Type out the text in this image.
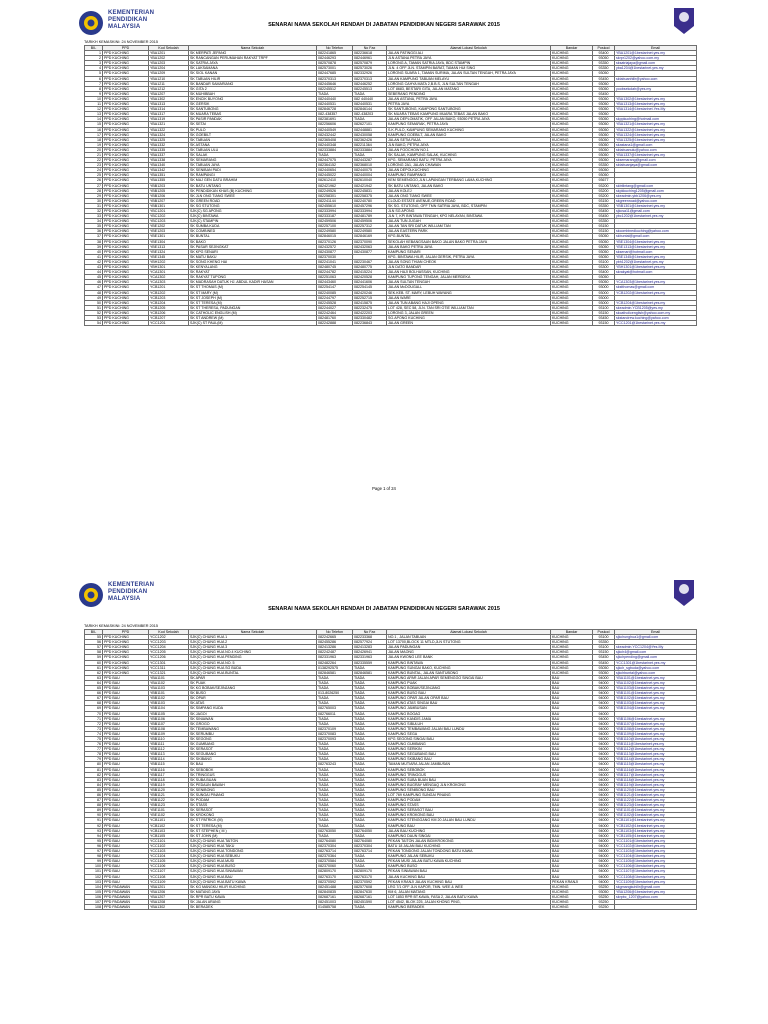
KEMENTERIAN
PENDIDIKAN
MALAYSIA	SENARAI NAMA SEKOLAH RENDAH DI JABATAN PENDIDIKAN NEGERI SARAWAK 2015
TARIKH KEMASKINI: 24 NOVEMBER 2015
BIL	PPD	Kod Sekolah	Nama Sekolah	No Telefon	No Fax	Alamat Lokasi Sekolah	Bandar	Poskod	Email
1	PPD KUCHING	YBA1201	SK MERPATI JEPANG	082241865	082236618	JALAN PATINGGI ALI	KUCHING	93400	YBA1201@1bestarinet.yes.my
2	PPD KUCHING	YBA1202	SK RANCANGAN PERUMAHAN RAKYAT TRPF	082446293	082446961	JLN ASTANA PETRA JAYA	KUCHING	93050	skrpr1202@yahoo.com.my
3	PPD KUCHING	YBA1203	SK SATRIA JAYA	082570878	082570879	LORONG A, TAMAN SATRIA JAYA, BDC STAMPIN	KUCHING	93350	sksatriajaya@gmail.com
4	PPD KUCHING	YBA1204	SK LAKSAMANA	082573001	082573026	JLN. 4 OFF JLN. STAMPIN BARAT, TAMAN HUI SING	KUCHING	93350	yba1204@1bestarinet.yes.my
5	PPD KUCHING	YBA1209	SK SIOL KANAN	082447685	082332926	LORONG SUARA 1, TAMAN SURIMA, JALAN SULTAN TENGAH, PETRA JAYA	KUCHING	93050	
6	PPD KUCHING	YBA1210	SK TABUAN HILIR	082370313	082370313	JALAN KAMPUNG TABUAN MELAYU	KUCHING	93450	sktabuanhilir@yahoo.com
7	PPD KUCHING	YBA1211	SK BANDAR SAMARIANG	082445646	082446252	LORONG CAHYA MATA 2,B.B.S, JLN SULTAN TENGAH	KUCHING	93050	
8	PPD KUCHING	YBA1212	SK GITA 2	082245512	082245513	LOT 8683, BESTARI GITA, JALAN MATANG	KUCHING	93050	yoobsekolah@yes.my
9	PPD KUCHING	YBA1207	SK MUHIBBAH	TIADA	TIADA	SEBERANG PENDING	KUCHING	93450	
10	PPD KUCHING	YBA1302	SK ENCIK BUYONG	082440440	082 440440	JALAN ASTANA, PETRA JAYA	KUCHING	93050	YBA1302@1bestarinet.yes.my
11	PPD KUCHING	YBA1313	SK GERSIK	082440531	082440531	PETRA JAYA	KUCHING	93050	YBA1313@1bestarinet.yes.my
12	PPD KUCHING	YBA1314	SK SANTUBONG	082846728	082846144	SK SANTUBONG, KAMPONG SANTUBONG	KUCHING	93050	YBA1314@1bestarinet.Yes.My
13	PPD KUCHING	YBA1317	SK MUARA TEBAS	082-438357	082-438203	SK MUARA TEBAS KAMPUNG MUARA TEBAS JALAN BAKO	KUCHING	93050	
14	PPD KUCHING	YBA1319	SK PASIR PANDAK	082381691	TIADA	JALAN DEPLOMATIK, OFF JALAN BAKO, 93050 PETRA JAYA	KUCHING	93050	skppkuching@hotmail.com
15	PPD KUCHING	YBA1321	SK SETAI	082256606	082627101	KAMPUNG SEMARAK, PETRA JAYA	KUCHING	93050	YBA1321@1bestarinet.yes.my
16	PPD KUCHING	YBA1322	SK PULO	082440549	082448881	S.K.PULO, KAMPUNG SEMARANG KUCHING	KUCHING	93050	YBA1322@1bestarinet.yes.my
17	PPD KUCHING	YBA1324	SK GOEBILT	082432442	082430058	KAMPUNG GOEBILT, JALAN BAKO	KUCHING	93050	YBA1324@1bestarinet.yes.my
18	PPD KUCHING	YBA1325	SK TABUAN	082365408	082362426	JALAN SETIA RAJA	KUCHING	93050	YBA1325@1bestarinet.yes.my
19	PPD KUCHING	YBA1332	SK ASTANA	082440348	082211364	JLN BAKO, PETRA JAYA	KUCHING	93050	skastana1@gmail.com
20	PPD KUCHING	YBA1335	SK TABUAN ULU	082333884	082333884	JALAN FOOCHOW NO.1	KUCHING	93050	sktabuanulu@yahoo.com
21	PPD KUCHING	YBA1337	SK SALAK	TIADA	TIADA	SK SALAK, KAMPUNG SALAK, KUCHING	KUCHING	93050	YBA1337@1bestarinet.yes.my
22	PPD KUCHING	YBA1338	SK SEMARANG	082447075	082443287	KPG. SEMARANG BATU, PETRA JAYA	KUCHING	93050	sksemarang@gmail.com
23	PPD KUCHING	YBA1340	SK TABUAN JAYA	082364152	082368010	LORONG 2A1, JALAN CHAWAN	KUCHING	93350	sktabuanjaya@gmail.com
24	PPD KUCHING	YBA1342	SK SENIBAN PADI	082440654	082440075	JALAN DEPOLKUCHING	KUCHING	93050	
25	PPD KUCHING	YBA1351	SK RAMPANGI	082445022	082440004	KAMPUNG RAMPANGI	KUCHING	93050	
26	PPD KUCHING	YBA1355	SK MAJ GEN DATU BRAHIM	082612410	082610040	KEM SEMENGGO,JLN LAPANGAN TERBANG LAMA,KUCHING	KUCHING	93677	
27	PPD KUCHING	YBB1203	SK BATU UNTANG	082421962	082421942	SK BATU UNTANG, JALAN BAKO	KUCHING	93200	skbtlintang@gmail.com
28	PPD KUCHING	YBB1205	SK PENDIDIKAN KHAS (B) KUCHING	082249526	082245831	JALAN KOLEJ	KUCHING	93200	skpkkuching1205@gmail.com
29	PPD KUCHING	YBB1206	SK JLN ONG TIANG SWEE	082258301	082258375	JALAN ONG TIANG SWEE	KUCHING	93200	skeadmin.ybb1206@yes.my
30	PPD KUCHING	YBB1207	SK GREEN ROAD	082241144	082240780	CLOUD ESTATE AVENUE,GREEN ROAD	KUCHING	93150	skgreenroad@yahoo.com
31	PPD KUCHING	YBB1301	SK SG STUTONG	082455610	082457296	SK SG. STUTONG, OFF TMN SATRIA JAYA, BDC, STAMPIN	KUCHING	93350	YBB1301@1bestarinet.yes.my
32	PPD KUCHING	YBC1201	SJK(C) SG APONG	082333994	082333994	JLN SG APONG	KUCHING	93450	sjkcsa11@gmail.com
33	PPD KUCHING	YBC1202	SJK(C) BINTAWA	082333187	082481789	JLN 7, KPI BINTAWA TENGAH, KPG NELAYAN, BINTAWA	KUCHING	93450	ybc1202@1bestarinet.yes.my
34	PPD KUCHING	YBC1203	SJK(C) STAMPIN	082459506	082459506	JALAN TUN JUGAH	KUCHING	93350	
35	PPD KUCHING	YBE1202	SK SUMBA KUDA	082257100	082257312	JALAN TAN SRI DATUK WILLIAM TAN	KUCHING	93150	
36	PPD KUCHING	YBE1203	SK COMBINED	082249580	082249580	JALAN EASTERN PARK	KUCHING	93150	skcombinedkuching@yahoo.com
37	PPD KUCHING	YBE1301	SK BUNTAL	082846015	082846169	KPG.BUNTAL	KUCHING	93050	skbuntal@gmail.com
38	PPD KUCHING	YBE1304	SK BAKO	082370126	082370090	SEKOLAH KEBANGSAAN BAKO JALAN BAKO PETRA JAYA	KUCHING	93050	YBE1304@1bestarinet.yes.my
39	PPD KUCHING	YBE1313	SK PASAR SEJINGKAT	082432572	082432063	JALAN BAKO PETRA JAYA	KUCHING	93050	YBE1313@1bestarinet.yes.my
40	PPD KUCHING	YBE1324	SK KPG SENARI	082430877	082430877	KAMPUNG SENARI	KUCHING	93050	sksenari@hotmail.com
41	PPD KUCHING	YBE1345	SK MATU BAKU	082370030		KPG. BINTAWA HILIR, JALAN GERSIK, PETRA JAYA	KUCHING	93050	YBE1345@1bestarinet.yes.my
42	PPD KUCHING	YBH1202	SK SONG KHENG HAI	082241041	082230467	JALAN SONG THIAN CHEOK	KUCHING	93100	ybh1202@1bestarinet.yes.my
43	PPD KUCHING	YBH1301	SK KENYALANG	082480745	082480775	JLN DATO BANDAR	KUCHING	93300	YBH1301@1bestarinet.yes.my
44	PPD KUCHING	YCA1301	SK RAKYAT	082244782	082415224	JALAN HAJI BOLHASSAN, KUCHING	KUCHING	93400	skrakyat@hotmail.com
45	PPD KUCHING	YCA1302	SK RAKYAT TUPONG	082251063	082420528	KAMPUNG TUPONG TENGAH, JALAN MERDEKA	KUCHING	93050	
46	PPD KUCHING	YCA1303	SK MADRASAH DATUK HJ. ABDUL KADIR HASAN	082443460	082441606	JALAN SULTAN TENGAH	KUCHING	93050	YCA1303@1bestarinet.yes.my
47	PPD KUCHING	YCB1201	SK ST THOMAS (M)	082254147	082254145	JALAN McDOUGALL	KUCHING	93000	skstthomas@gmail.com
48	PPD KUCHING	YCB1202	SK ST MARY (M)	082240085	082420246	SEK.KEB. ST. MARY, LEBUH WAYANG	KUCHING	93000	YCB1202@1bestarinet.yes.my
49	PPD KUCHING	YCB1203	SK ST JOSEPH (M)	082244797	082252715	JALAN WARE	KUCHING	93000	
50	PPD KUCHING	YCB1204	SK ST TERESA (M)	082245528	082415875	JALAN TUN ABANG HAJI OPENG	KUCHING	93000	YCB1204@1bestarinet.yes.my
51	PPD KUCHING	YCB1205	SK ST THERESA, PADUNGAN	082244027	082232475	LOT 428, SEC 58, JLN. TAN SRI OTIE WILLIAM TAN	KUCHING	93100	skeadmin.YCB1205@yes.my
52	PPD KUCHING	YCB1206	SK CATHOLIC ENGLISH (M)	082242464	082422203	LORONG 3, JALAN GREEN	KUCHING	93150	skcatholicenglish@yahoo.com.my
53	PPD KUCHING	YCB1207	SK ST ANDREW (M)	082481760	082330482	SG.APONG KUCHING	KUCHING	93450	skstandrew.kuching@yahoo.com
54	PPD KUCHING	YCC1201	SJK(C) ST PAUL(M)	082242888	082236843	JALAN GREEN	KUCHING	93150	YCC1201@1bestarinet.yes.my
Page 1 of 24
KEMENTERIAN
PENDIDIKAN
MALAYSIA
SENARAI NAMA SEKOLAH RENDAH DI JABATAN PENDIDIKAN NEGERI SARAWAK 2015
TARIKH KEMASKINI: 24 NOVEMBER 2015
BIL	PPD	Kod Sekolah	Nama Sekolah	No Telefon	No Fax	Alamat Lokasi Sekolah	Bandar	Poskod	Email
55	PPD KUCHING	YCC1202	SJK(C) CHUNG HUA 1	082242665	082233368	NO.1 , JALAN TABUAN	KUCHING	93100	sjkchunghua1@gmail.com
56	PPD KUCHING	YCC1203	SJK(C) CHUNG HUA 2	082455286	082577924	LOT 13700,BLOCK 11 MTLD,JLN STUTONG	KUCHING	93350	
57	PPD KUCHING	YCC1204	SJK(C) CHUNG HUA 3	082413286	082413283	JALAN PADUNGAN	KUCHING	93100	skeadmin.YCC1204@Yes.My
58	PPD KUCHING	YCC1205	SJK(C) CHUNG HUA NO.4 KUCHING	082242487	082426941	JALAN MAONG	KUCHING	93150	sjkch4@gmail.com
59	PPD KUCHING	YCC1206	SJK(C) CHUNG HUA PENDING	082331963	082331963	JALAN KWONG LEE BANK	KUCHING	93450	sjkchpending@gmail.com
60	PPD KUCHING	YCC1301	SJK(C) CHUNG HUA NO. 5	082482264	082335559	KAMPUNG BINTAWA	KUCHING	93450	YCC1301@1bestarinet.yes.my
61	PPD KUCHING	YCC1311	SJK(C) CHUNG HUA SG BUDA	0138292575	TIADA	KAMPUNG SUNGAI BAKO, KUCHING	KUCHING	93050	sjkch_sgbuda@yahoo.com
62	PPD KUCHING	YCC1321	SJK(C) CHUNG HUA BUNTAL	082846581	082846581	KAMPUNG BUNTAL, JALAN SANTUBONG	KUCHING	93050	sjkchbuntal@yahoo.com
63	PPD BAU	YBA1101	SK APAR	TIADA	TIADA	KAMPUNG APAR JALAN APAR SEMENGGO SINGAI BAU	BAU	94000	YBA1101@1bestarinet.yes.my
64	PPD BAU	YBA1102	SK PUAK	TIADA	TIADA	KAMPUNG PUAK	BAU	94000	YBA1102@1bestarinet.yes.my
65	PPD BAU	YBA1103	SK KG BOBAK/SEJINJANG	TIADA	TIADA	KAMPUNG BOBAK/SEJINJANG	BAU	94000	YBA1103@1bestarinet.yes.my
66	PPD BAU	YBB1101	SK BUSO	013-8026250	TIADA	KAMPUNG BUSO BAU	BAU	94000	YBB1101@1bestarinet.yes.my
67	PPD BAU	YBB1102	SK OPAR	TIADA	TIADA	KAMPUNG OPAR JALAN OPAR BAU	BAU	94000	YBB1102@1bestarinet.yes.my
68	PPD BAU	YBB1103	SK ATAS	TIADA	TIADA	KAMPUNG ATAS SINGAI BAU	BAU	94000	YBB1103@1bestarinet.yes.my
69	PPD BAU	YBB1104	SK SIMPANG KUDA	082765003	TIADA	KAMPUNG JAMBUSAN	BAU	94000	YBB1104@1bestarinet.yes.my
70	PPD BAU	YBB1105	SK JAGOI	082766011	TIADA	KAMPUNG BOGAG	BAU	94000	
71	PPD BAU	YBB1106	SK SINIAWAN	TIADA	TIADA	KAMPUNG KANDIS JAMA	BAU	94000	YBB1106@1bestarinet.yes.my
72	PPD BAU	YBB1107	SK GROGO	TIADA	TIADA	KAMPUNG SIBULUH	BAU	94000	YBB1107@1bestarinet.yes.my
73	PPD BAU	YBB1108	SK TEMBAWANG	082370109	TIADA	KAMPUNG TEMBAWANG JALAN BAU LUNDU	BAU	94000	YBB1108@1bestarinet.yes.my
74	PPD BAU	YBB1109	SK SERUMBU	082370083	TIADA	KAMPUNG SEGA	BAU	94000	YBB1109@1bestarinet.yes.my
75	PPD BAU	YBB1110	SK SEGONG	082370093	TIADA	KPG SEGONG SINGAI BAU	BAU	94000	YBB1110@1bestarinet.yes.my
76	PPD BAU	YBB1111	SK GUMBANG	TIADA	TIADA	KAMPUNG GUMBANG	BAU	94000	YBB1111@1bestarinet.yes.my
77	PPD BAU	YBB1112	SK SERASOT	TIADA	TIADA	KAMPUNG SERIKIN	BAU	94000	YBB1112@1bestarinet.yes.my
78	PPD BAU	YBB1113	SK SEGUBANG	TIADA	TIADA	KAMPUNG SEGUBANG BAU	BAU	94000	YBB1113@1bestarinet.yes.my
79	PPD BAU	YBB1114	SK SKIBANG	TIADA	TIADA	KAMPUNG SKIBANG BAU	BAU	94000	YBB1114@1bestarinet.yes.my
80	PPD BAU	YBB1115	SK BAU	082763243	TIADA	TAMAN MUTIARA JALAN JAMBUSAN	BAU	94000	YBB1115@1bestarinet.yes.my
81	PPD BAU	YBB1116	SK SEBOBOK	TIADA	TIADA	KAMPUNG SEBOBOK	BAU	94000	YBB1116@1bestarinet.yes.my
82	PPD BAU	YBB1117	SK TRINGGUS	TIADA	TIADA	KAMPUNG TRINGGUS	BAU	94000	YBB1117@1bestarinet.yes.my
83	PPD BAU	YBB1118	SK SUBA BUAN	TIADA	TIADA	KAMPUNG SUBA BUAN BAU	BAU	94000	YBB1118@1bestarinet.yes.my
84	PPD BAU	YBB1119	SK PEDAUN BAWAH	TIADA	TIADA	KAMPUNG BUGRAY MENGAQ JLN KROKONG	BAU	94000	YBB1119@1bestarinet.yes.my
85	PPD BAU	YBB1120	SK SENIBONG	TIADA	TIADA	KAMPUNG SENIBONG BAU	BAU	94000	YBB1120@1bestarinet.yes.my
86	PPD BAU	YBB1121	SK SUNGAI PINANG	TIADA	TIADA	LOT 769 KAMPUNG SUNGAI PINANG	BAU	94000	YBB1121@1bestarinet.yes.my
87	PPD BAU	YBB1122	SK PODAM	TIADA	TIADA	KAMPUNG PODAM	BAU	94000	YBB1122@1bestarinet.yes.my
88	PPD BAU	YBB1123	SK STASS	TIADA	TIADA	KAMPUNG STASS	BAU	94000	YBB1123@1bestarinet.yes.my
89	PPD BAU	YBE1101	SK SERASOT	TIADA	TIADA	KAMPUNG SERASOT BAU	BAU	94000	YBE1101@1bestarinet.yes.my
90	PPD BAU	YBE1102	SK KROKONG	TIADA	TIADA	KAMPUNG KROKONG BAU	BAU	94000	YBE1102@1bestarinet.yes.my
91	PPD BAU	YCB1101	SK ST PATRICK (M)	TIADA	TIADA	KAMPUNG STENGGANG KM 20 JALAN BAU LUNDU	BAU	94000	YCB1101@1bestarinet.yes.my
92	PPD BAU	YCB1102	SK ST TERESA (M)	TIADA	TIADA	KAMPUNG BAU	BAU	94000	YCB1102@1bestarinet.yes.my
93	PPD BAU	YCB1103	SK ST STEPHEN ( M )	082763050	082764050	JALAN BAU KUCHING	BAU	94000	YCB1103@1bestarinet.yes.my
94	PPD BAU	YCB1105	SK ST JOHN (M)	TIADA	TIADA	KAMPUNG DAUN SINGAI	BAU	94000	YCB1105@1bestarinet.yes.my
95	PPD BAU	YCC1101	SJK(C) CHUNG HUA TAITON	082764080	082764080	PEKAN TAITON JALAN BIDI/KROKONG	BAU	94000	YCC1101@1bestarinet.yes.my
96	PPD BAU	YCC1102	SJK(C) CHUNG HUA TAKU	082370304	082370304	BATU 18 JALAN BAU KUCHING	BAU	94000	YCC1102@1bestarinet.yes.my
97	PPD BAU	YCC1103	SJK(C) CHUNG HUA TONDONG	082763714	082763714	PEKAN TONDONG JALAN TONDONG BATU KAWA	BAU	94000	YCC1103@1bestarinet.yes.my
98	PPD BAU	YCC1104	SJK(C) CHUNG HUA SEBUKU	082370364	TIADA	KAMPUNG JALAN SEBUKU	BAU	94000	YCC1104@1bestarinet.yes.my
99	PPD BAU	YCC1105	SJK(C) CHUNG HUA MUSI	082370584	TIADA	PEKAN MUSI JALAN BATU KAWA KUCHING	BAU	94000	YCC1105@1bestarinet.yes.my
100	PPD BAU	YCC1106	SJK(C) CHUNG HUA BUSO	082370060	TIADA	KAMPUNG BUSO	BAU	94000	YCC1106@1bestarinet.yes.my
101	PPD BAU	YCC1107	SJK(C) CHUNG HUA SINIAWAN	082809170	082809170	PEKAN SINIAWAN BAU	BAU	94000	YCC1107@1bestarinet.yes.my
102	PPD BAU	YCC1108	SJK(C) CHUNG HUA BAU	082763170	082763170	JALAN KUCHING BAU	BAU	94000	YCC1108@1bestarinet.yes.my
103	PPD BAU	YCC1109	SJK(C) CHUNG HUA BATU KAWA	082370592	082370592	PEKAN KRANJI JALAN KUCHING BAU	PEKAN KRANJI	94000	YCC1109@1bestarinet.yes.my
104	PPD PADAWAN	YBA1201	SK KG MANGKU HILIR KUCHING	082451488	082577608	LRG 7/1 OFF JLN KAPOR, TMN. WEE & WEE	KUCHING	93250	skgmangkuhilir@gmail.com
105	PPD PADAWAN	YBA1206	SK MATANG JAYA	082840835	082847630	KM 6, JALAN MATANG	KUCHING	93050	YBA1206@1bestarinet.yes.my
106	PPD PADAWAN	YBA1207	SK RPR BATU KAWA	082687161	082687161	LOT 1853 RPR BT.KAWA, FASA 2, JALAN BATU KAWA	KUCHING	93250	skrpbc_1207@yahoo.com
107	PPD PADAWAN	YBA1208	SK JALAN ARANG	082451003	082451590	LOT 4542, BLOK 225, JALAN KHONG PING,	KUCHING	93250	
108	PPD PADAWAN	YBA1302	SK BERADEK	014585758	TIADA	KAMPUNG BERADEK	KUCHING	93250	
